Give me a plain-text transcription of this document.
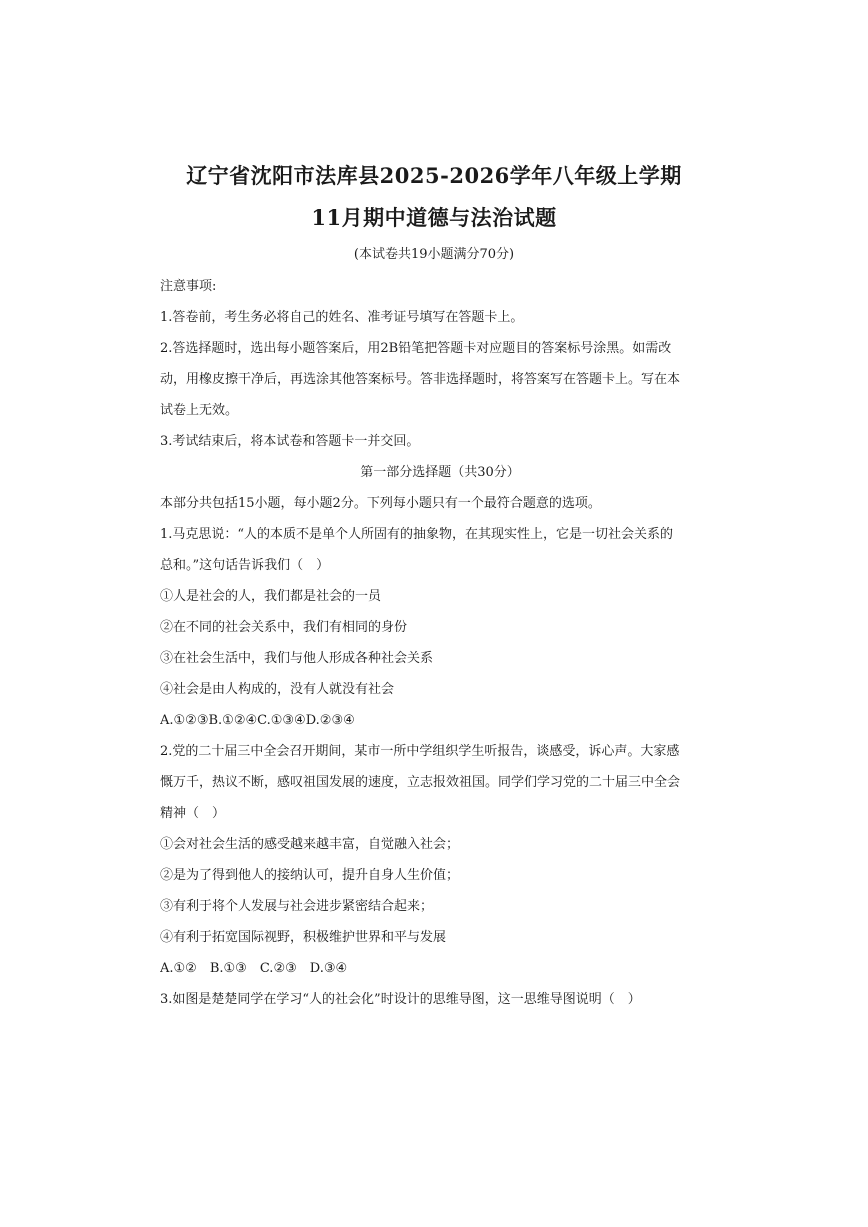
辽宁省沈阳市法库县2025-2026学年八年级上学期
11月期中道德与法治试题
(本试卷共19小题满分70分)
注意事项:
1.答卷前，考生务必将自己的姓名、准考证号填写在答题卡上。
2.答选择题时，选出每小题答案后，用2B铅笔把答题卡对应题目的答案标号涂黑。如需改
动，用橡皮擦干净后，再选涂其他答案标号。答非选择题时，将答案写在答题卡上。写在本
试卷上无效。
3.考试结束后，将本试卷和答题卡一并交回。
第一部分选择题（共30分）
本部分共包括15小题，每小题2分。下列每小题只有一个最符合题意的选项。
1.马克思说：“人的本质不是单个人所固有的抽象物，在其现实性上，它是一切社会关系的
总和。”这句话告诉我们（　）
①人是社会的人，我们都是社会的一员
②在不同的社会关系中，我们有相同的身份
③在社会生活中，我们与他人形成各种社会关系
④社会是由人构成的，没有人就没有社会
A.①②③B.①②④C.①③④D.②③④
2.党的二十届三中全会召开期间，某市一所中学组织学生听报告，谈感受，诉心声。大家感
慨万千，热议不断，感叹祖国发展的速度，立志报效祖国。同学们学习党的二十届三中全会
精神（　）
①会对社会生活的感受越来越丰富，自觉融入社会；
②是为了得到他人的接纳认可，提升自身人生价值；
③有利于将个人发展与社会进步紧密结合起来；
④有利于拓宽国际视野，积极维护世界和平与发展
A.①②　B.①③　C.②③　D.③④
3.如图是楚楚同学在学习“人的社会化”时设计的思维导图，这一思维导图说明（　）
